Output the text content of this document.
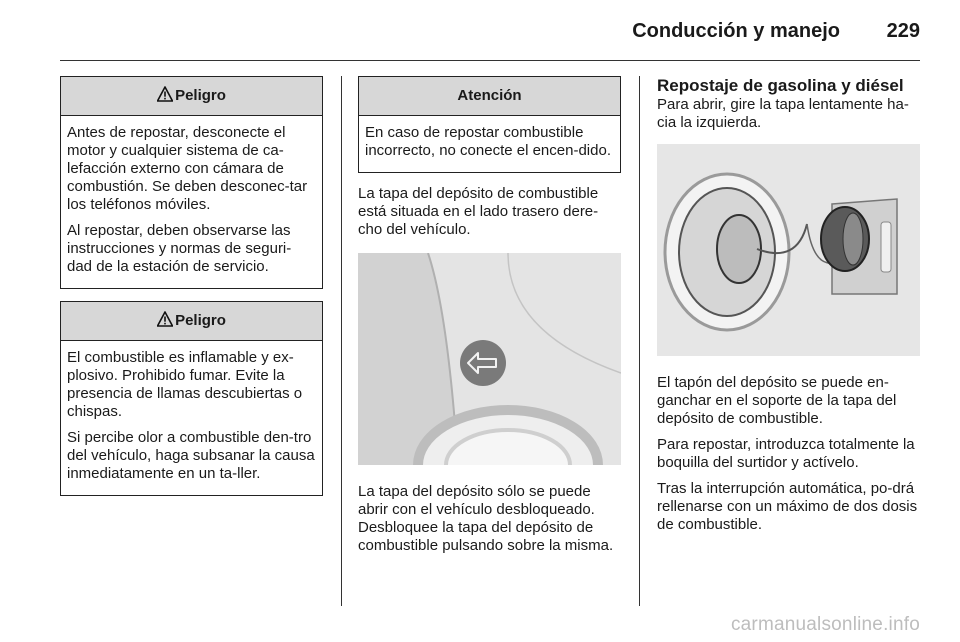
Conducción y manejo 229
Peligro

Antes de repostar, desconecte el motor y cualquier sistema de ca-lefacción externo con cámara de combustión. Se deben desconec-tar los teléfonos móviles.

Al repostar, deben observarse las instrucciones y normas de seguri-dad de la estación de servicio.

Peligro

El combustible es inflamable y ex-plosivo. Prohibido fumar. Evite la presencia de llamas descubiertas o chispas.

Si percibe olor a combustible den-tro del vehículo, haga subsanar la causa inmediatamente en un ta-ller.

Atención

En caso de repostar combustible incorrecto, no conecte el encen-dido.

La tapa del depósito de combustible está situada en el lado trasero dere-cho del vehículo.

La tapa del depósito sólo se puede abrir con el vehículo desbloqueado. Desbloquee la tapa del depósito de combustible pulsando sobre la misma.

Repostaje de gasolina y diésel

Para abrir, gire la tapa lentamente ha-cia la izquierda.

El tapón del depósito se puede en-ganchar en el soporte de la tapa del depósito de combustible.

Para repostar, introduzca totalmente la boquilla del surtidor y actívelo.

Tras la interrupción automática, po-drá rellenarse con un máximo de dos dosis de combustible.

carmanualsonline.info
